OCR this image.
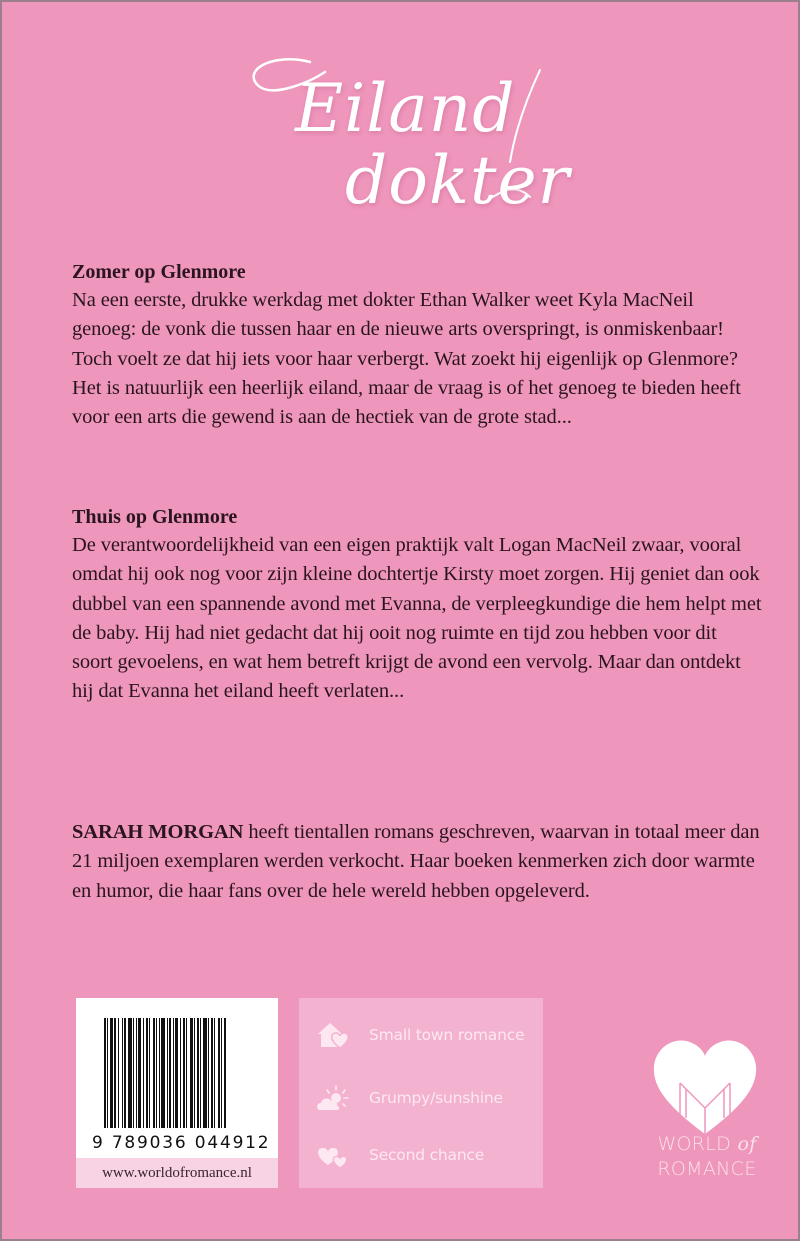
Eiland
dokter
Zomer op Glenmore

Na een eerste, drukke werkdag met dokter Ethan Walker weet Kyla MacNeil genoeg: de vonk die tussen haar en de nieuwe arts overspringt, is onmiskenbaar! Toch voelt ze dat hij iets voor haar verbergt. Wat zoekt hij eigenlijk op Glenmore? Het is natuurlijk een heerlijk eiland, maar de vraag is of het genoeg te bieden heeft voor een arts die gewend is aan de hectiek van de grote stad...

Thuis op Glenmore

De verantwoordelijkheid van een eigen praktijk valt Logan MacNeil zwaar, vooral omdat hij ook nog voor zijn kleine dochtertje Kirsty moet zorgen. Hij geniet dan ook dubbel van een spannende avond met Evanna, de verpleegkundige die hem helpt met de baby. Hij had niet gedacht dat hij ooit nog ruimte en tijd zou hebben voor dit soort gevoelens, en wat hem betreft krijgt de avond een vervolg. Maar dan ontdekt hij dat Evanna het eiland heeft verlaten...

SARAH MORGAN heeft tientallen romans geschreven, waarvan in totaal meer dan 21 miljoen exemplaren werden verkocht. Haar boeken kenmerken zich door warmte en humor, die haar fans over de hele wereld hebben opgeleverd.

9 789036 044912
www.worldofromance.nl
Small town romance
Grumpy/sunshine
Second chance	WORLD of
ROMANCE
